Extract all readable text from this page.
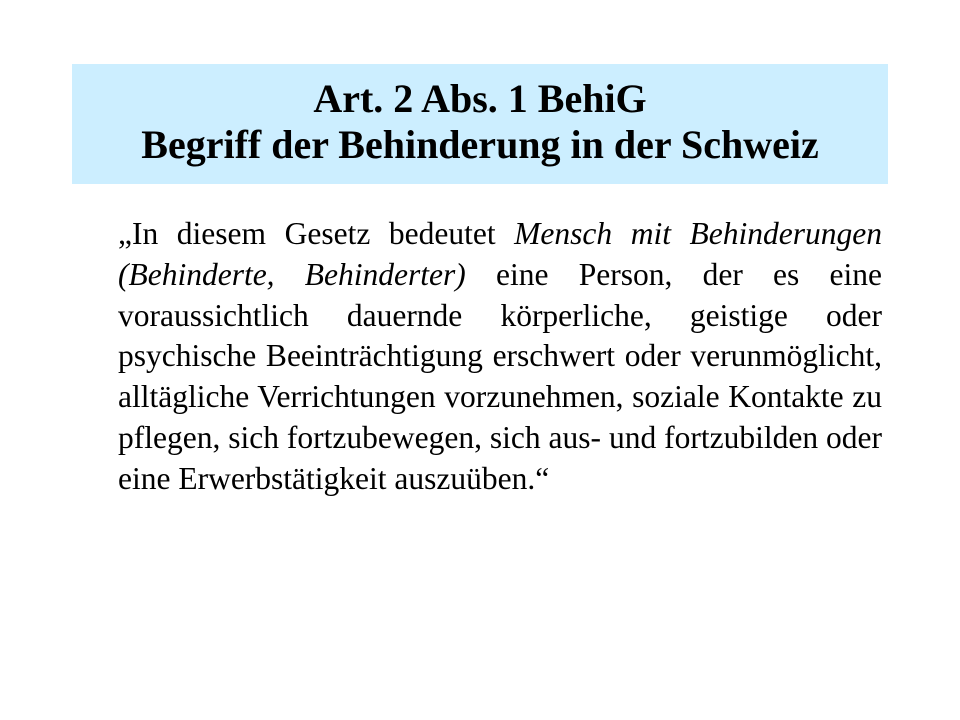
Art. 2 Abs. 1 BehiG
Begriff der Behinderung in der Schweiz
„In diesem Gesetz bedeutet Mensch mit Behinderungen (Behinderte, Behinderter) eine Person, der es eine voraussichtlich dauernde körperliche, geistige oder psychische Beeinträchtigung erschwert oder verunmöglicht, alltägliche Verrichtungen vorzunehmen, soziale Kontakte zu pflegen, sich fortzubewegen, sich aus- und fortzubilden oder eine Erwerbstätigkeit auszuüben.“
